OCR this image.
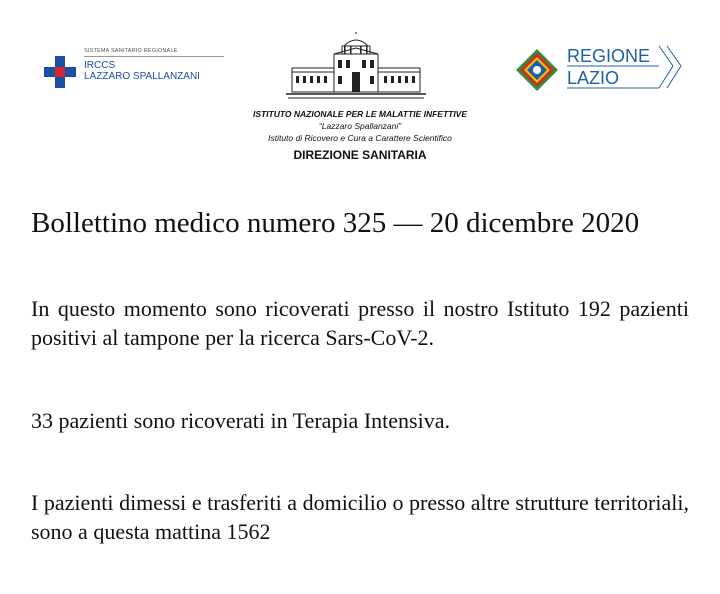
SISTEMA SANITARIO REGIONALE
IRCCS
LAZZARO SPALLANZANI
ISTITUTO NAZIONALE PER LE MALATTIE INFETTIVE
“Lazzaro Spallanzani”
Istituto di Ricovero e Cura a Carattere Scientifico
DIREZIONE SANITARIA
REGIONE
LAZIO
Bollettino medico numero 325 — 20 dicembre 2020
In questo momento sono ricoverati presso il nostro Istituto 192 pazienti positivi al tampone per la ricerca Sars-CoV-2.
33 pazienti sono ricoverati in Terapia Intensiva.
I pazienti dimessi e trasferiti a domicilio o presso altre strutture territoriali, sono a questa mattina 1562
